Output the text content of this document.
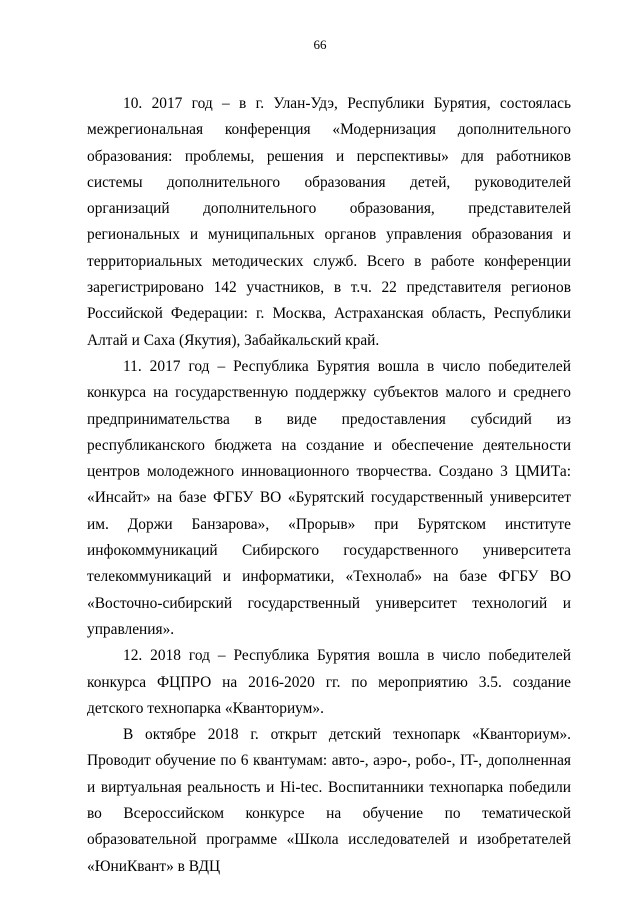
66

10. 2017 год – в г. Улан-Удэ, Республики Бурятия, состоялась межрегиональная конференция «Модернизация дополнительного образования: проблемы, решения и перспективы» для работников системы дополнительного образования детей, руководителей организаций дополнительного образования, представителей региональных и муниципальных органов управления образования и территориальных методических служб. Всего в работе конференции зарегистрировано 142 участников, в т.ч. 22 представителя регионов Российской Федерации: г. Москва, Астраханская область, Республики Алтай и Саха (Якутия), Забайкальский край.

11. 2017 год – Республика Бурятия вошла в число победителей конкурса на государственную поддержку субъектов малого и среднего предпринимательства в виде предоставления субсидий из республиканского бюджета на создание и обеспечение деятельности центров молодежного инновационного творчества. Создано 3 ЦМИТа: «Инсайт» на базе ФГБУ ВО «Бурятский государственный университет им. Доржи Банзарова», «Прорыв» при Бурятском институте инфокоммуникаций Сибирского государственного университета телекоммуникаций и информатики, «Технолаб» на базе ФГБУ ВО «Восточно-сибирский государственный университет технологий и управления».

12. 2018 год – Республика Бурятия вошла в число победителей конкурса ФЦПРО на 2016-2020 гг. по мероприятию 3.5. создание детского технопарка «Кванториум».

В октябре 2018 г. открыт детский технопарк «Кванториум». Проводит обучение по 6 квантумам: авто-, аэро-, робо-, IT-, дополненная и виртуальная реальность и Hi-tec. Воспитанники технопарка победили во Всероссийском конкурсе на обучение по тематической образовательной программе «Школа исследователей и изобретателей «ЮниКвант» в ВДЦ
